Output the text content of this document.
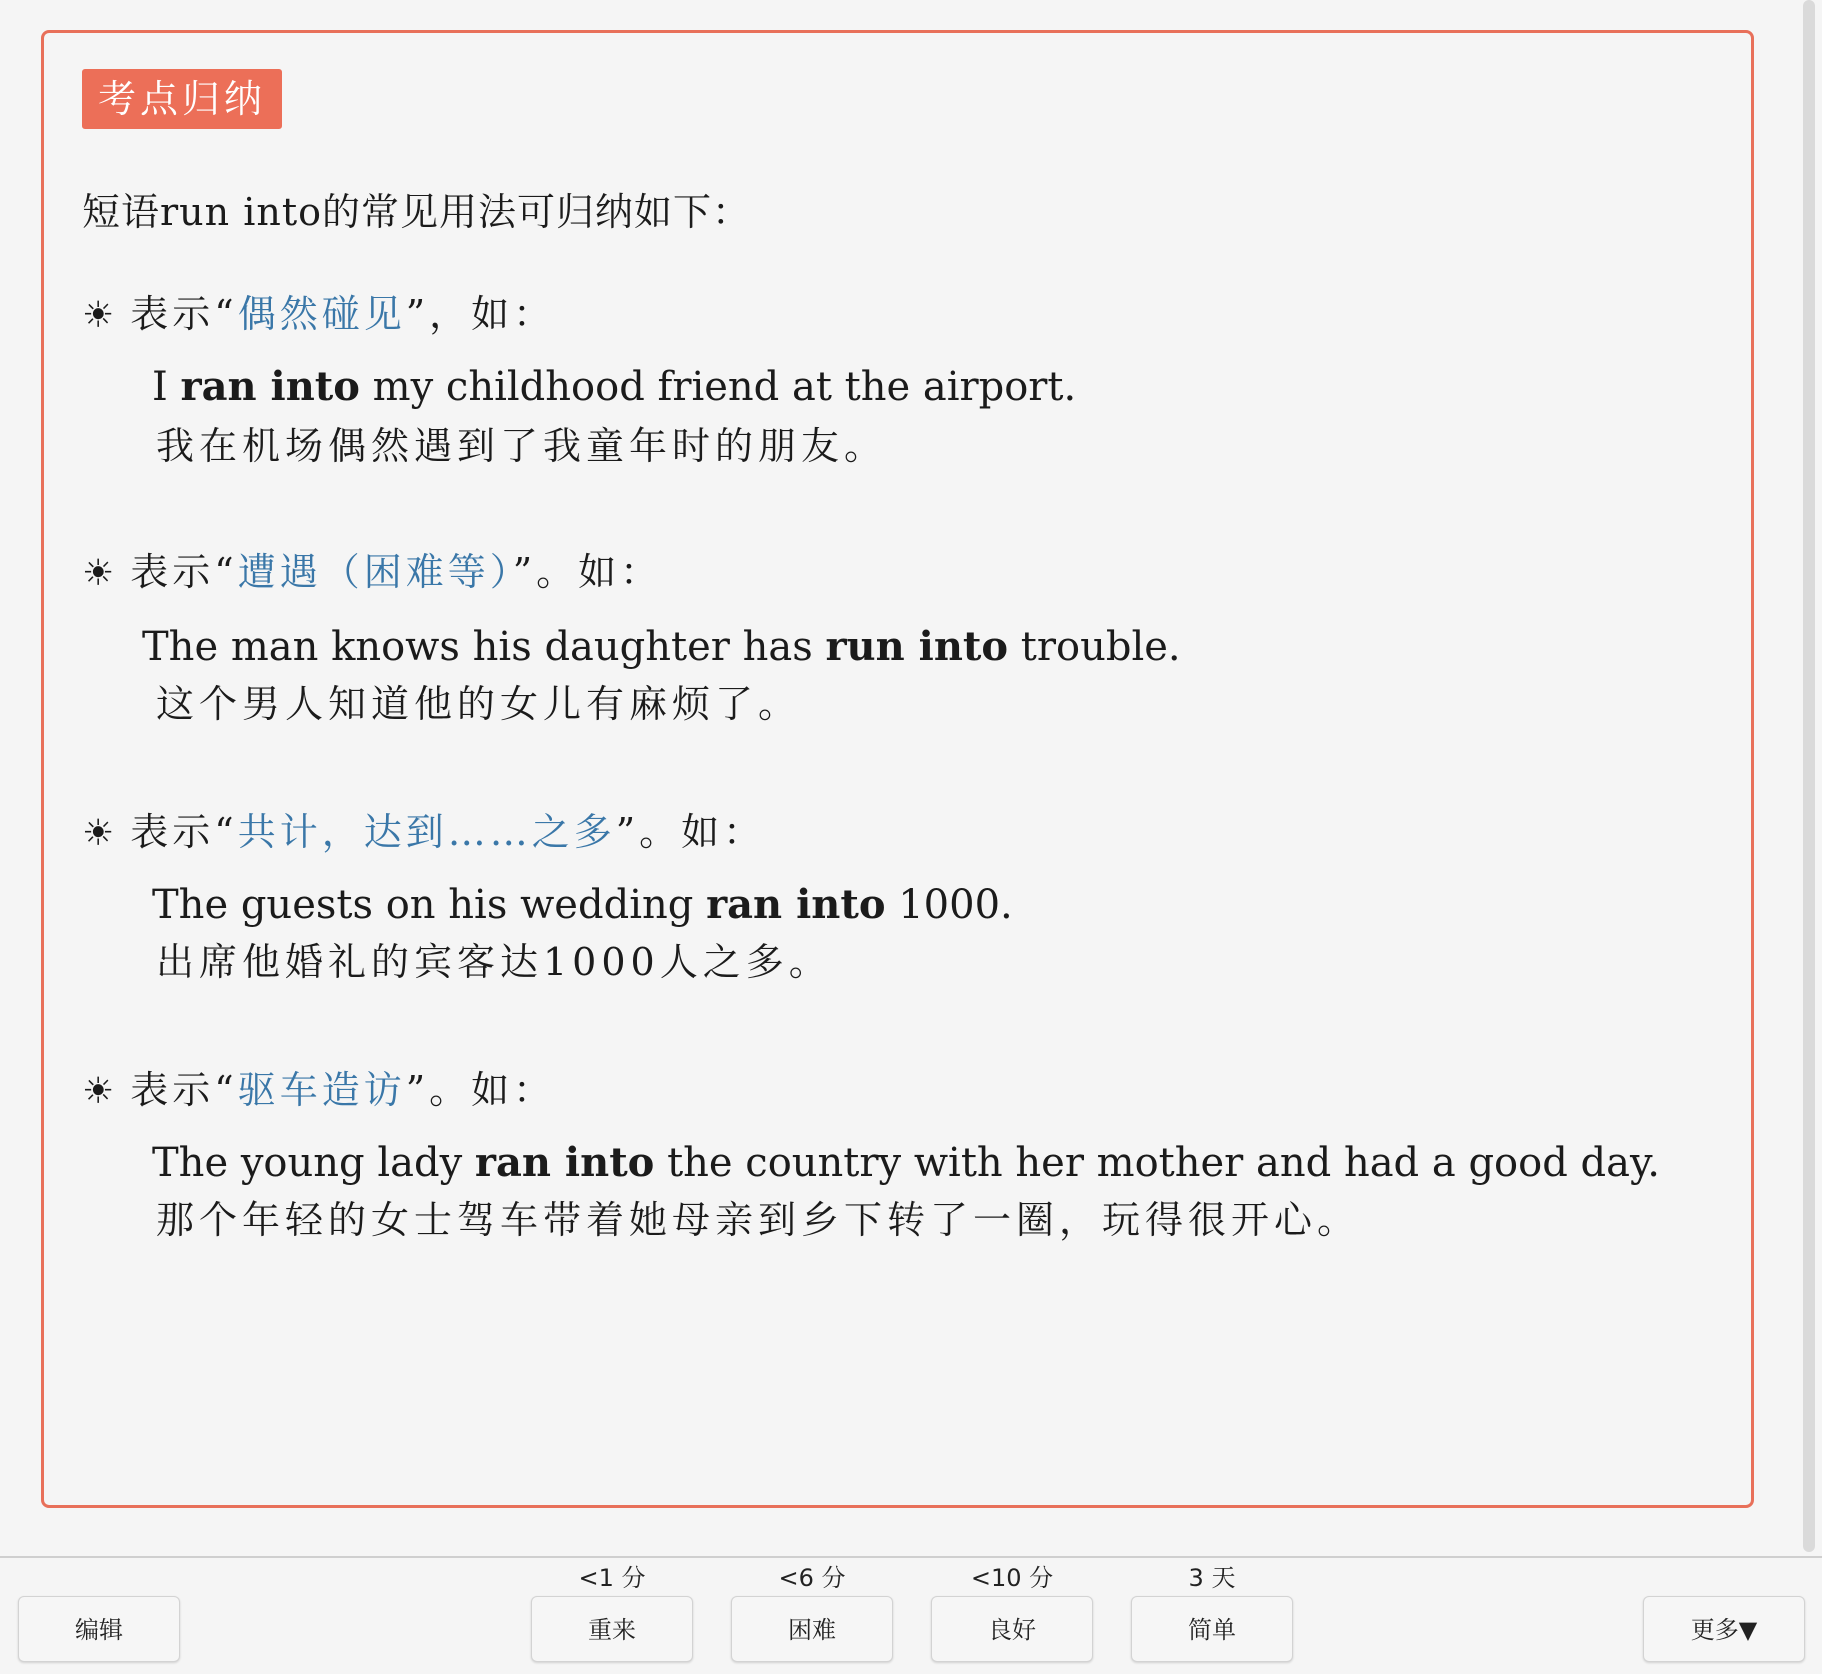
考点归纳
短语run into的常见用法可归纳如下：
☀ 表示“偶然碰见”，如：
I ran into my childhood friend at the airport.
我在机场偶然遇到了我童年时的朋友。
☀ 表示“遭遇（困难等）”。如：
The man knows his daughter has run into trouble.
这个男人知道他的女儿有麻烦了。
☀ 表示“共计，达到……之多”。如：
The guests on his wedding ran into 1000.
出席他婚礼的宾客达1000人之多。
☀ 表示“驱车造访”。如：
The young lady ran into the country with her mother and had a good day.
那个年轻的女士驾车带着她母亲到乡下转了一圈，玩得很开心。
编辑
<1 分
重来
<6 分
困难
<10 分
良好
3 天
简单	更多▼
